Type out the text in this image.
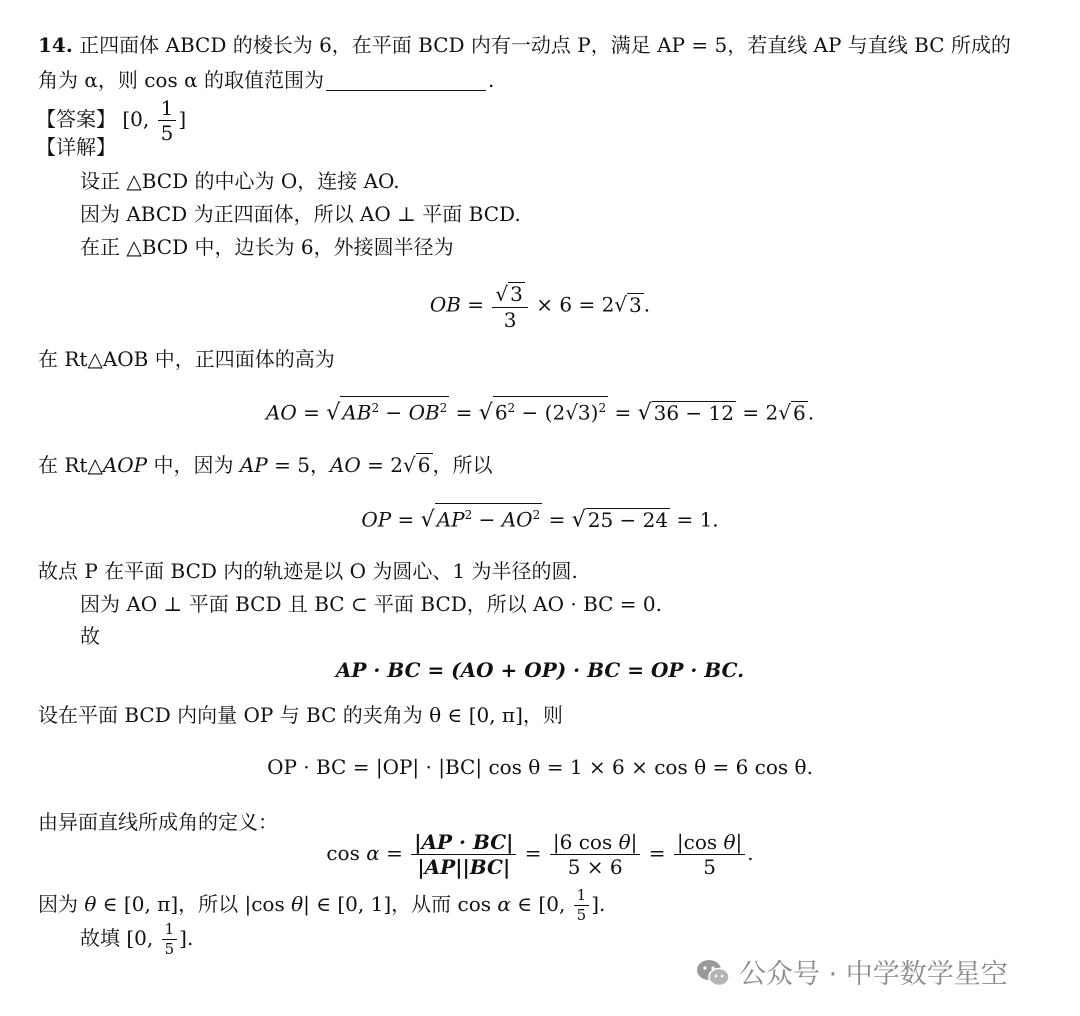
14. 正四面体 ABCD 的棱长为 6，在平面 BCD 内有一动点 P，满足 AP = 5，若直线 AP 与直线 BC 所成的
角为 α，则 cos α 的取值范围为	.
【答案】 [0, $\frac{1}{5}$ ]
【详解】
设正 △BCD 的中心为 O，连接 AO.
因为 ABCD 为正四面体，所以 AO ⊥ 平面 BCD.
在正 △BCD 中，边长为 6，外接圆半径为
OB = $\frac{√ 3}{3} \times 6 = 2√$ 3 .
在 Rt△AOB 中，正四面体的高为
AO = √ $AB^2 - OB^2$ = √ $6^2 - (2√3)^2$ = √ 36 − 12 = 2√ 6 .
在 Rt△AOP 中，因为 AP = 5，AO = 2√ 6 ，所以
OP = √ $AP^2 - AO^2$ = √ 25 − 24 = 1.
故点 P 在平面 BCD 内的轨迹是以 O 为圆心、1 为半径的圆.
因为 AO ⊥ 平面 BCD 且 BC ⊂ 平面 BCD，所以 AO · BC = 0.
故
AP · BC = (AO + OP) · BC = OP · BC.
设在平面 BCD 内向量 OP 与 BC 的夹角为 θ ∈ [0, π]，则
OP · BC = |OP| · |BC| cos θ = 1 × 6 × cos θ = 6 cos θ.
由异面直线所成角的定义：
$\cos \alpha = \frac{|AP \cdot BC|}{|AP||BC|} = \frac{\text{|6 cos θ|}}{5 \times 6} = \frac{\text{|cos θ|}}{5}$ .
因为 θ ∈ [0, π]，所以 |cos θ| ∈ [0, 1]，从而 cos α ∈ [0, $\frac{1}{5}$ ].
故填 [0, $\frac{1}{5}$ ].
公众号 · 中学数学星空
